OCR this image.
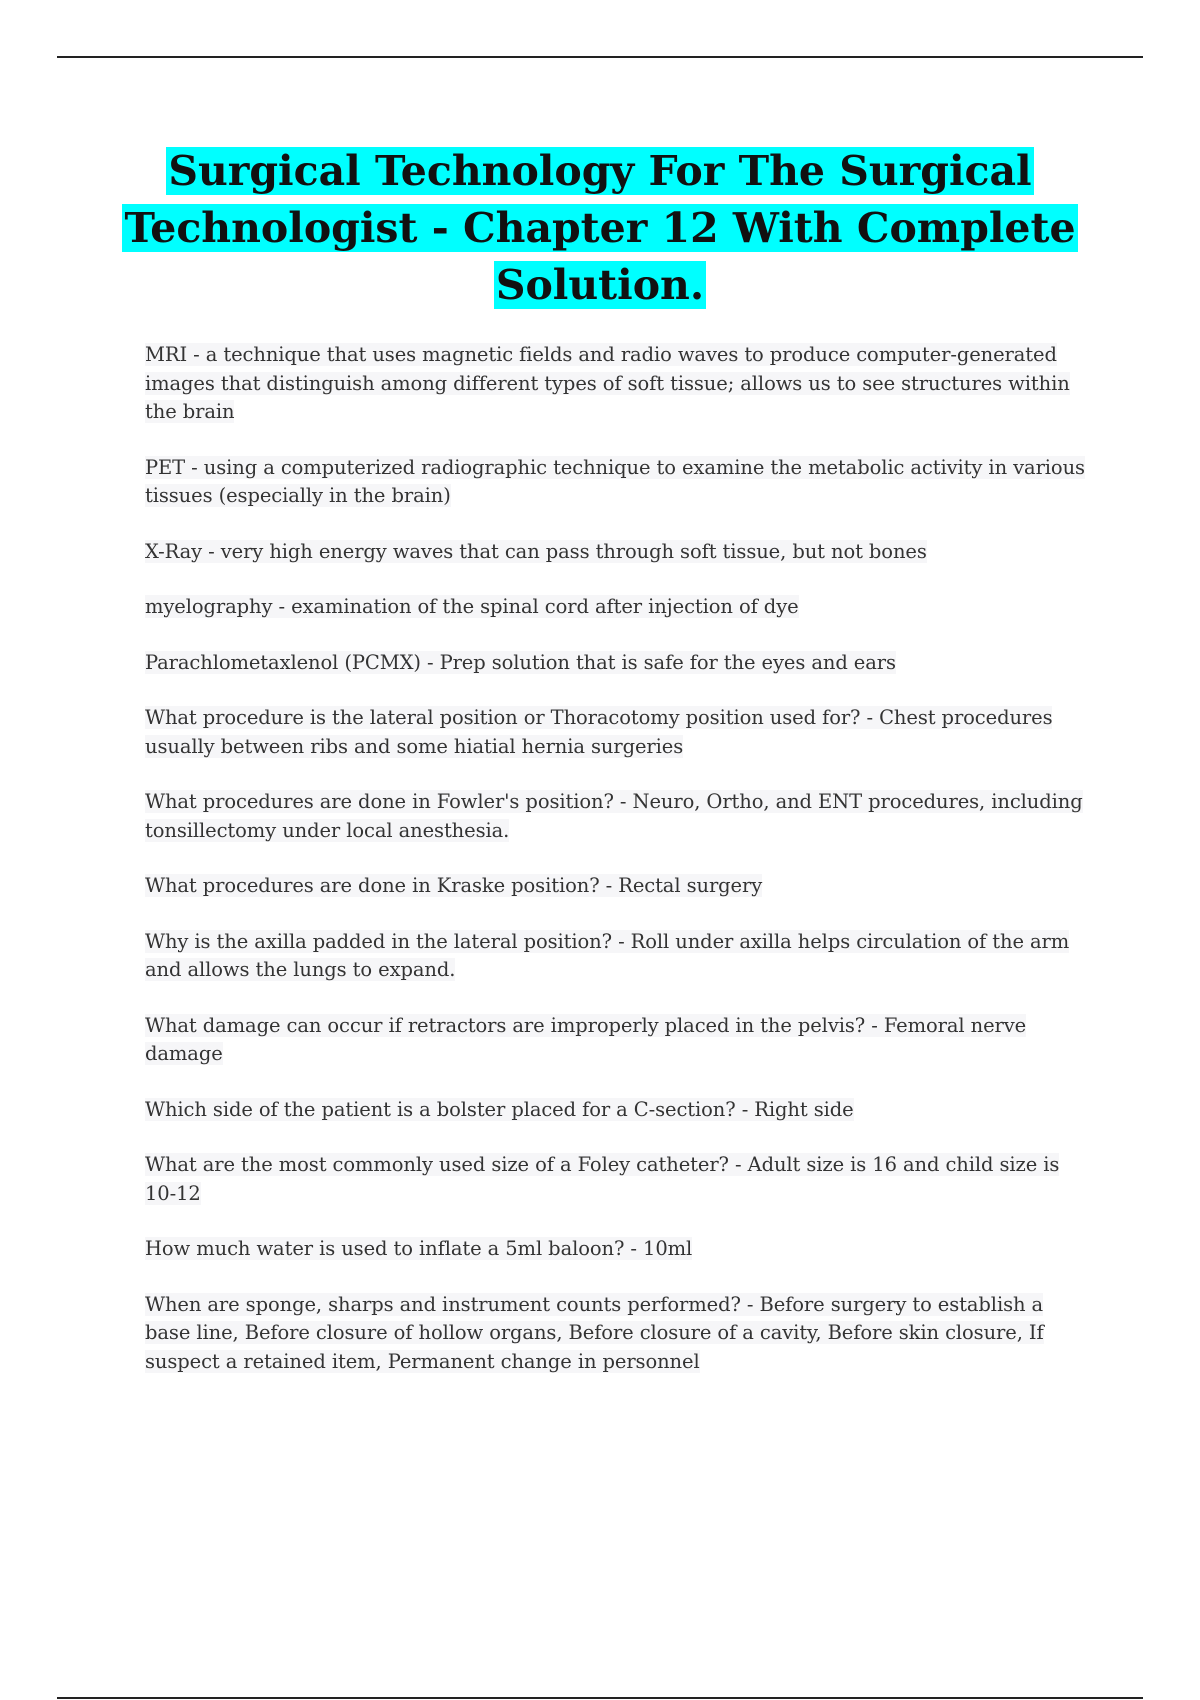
Surgical Technology For The Surgical Technologist - Chapter 12 With Complete Solution.
MRI - a technique that uses magnetic fields and radio waves to produce computer-generated images that distinguish among different types of soft tissue; allows us to see structures within the brain
PET - using a computerized radiographic technique to examine the metabolic activity in various tissues (especially in the brain)
X-Ray - very high energy waves that can pass through soft tissue, but not bones
myelography - examination of the spinal cord after injection of dye
Parachlometaxlenol (PCMX) - Prep solution that is safe for the eyes and ears
What procedure is the lateral position or Thoracotomy position used for? - Chest procedures usually between ribs and some hiatial hernia surgeries
What procedures are done in Fowler's position? - Neuro, Ortho, and ENT procedures, including tonsillectomy under local anesthesia.
What procedures are done in Kraske position? - Rectal surgery
Why is the axilla padded in the lateral position? - Roll under axilla helps circulation of the arm and allows the lungs to expand.
What damage can occur if retractors are improperly placed in the pelvis? - Femoral nerve damage
Which side of the patient is a bolster placed for a C-section? - Right side
What are the most commonly used size of a Foley catheter? - Adult size is 16 and child size is 10-12
How much water is used to inflate a 5ml baloon? - 10ml
When are sponge, sharps and instrument counts performed? - Before surgery to establish a base line, Before closure of hollow organs, Before closure of a cavity, Before skin closure, If suspect a retained item, Permanent change in personnel
